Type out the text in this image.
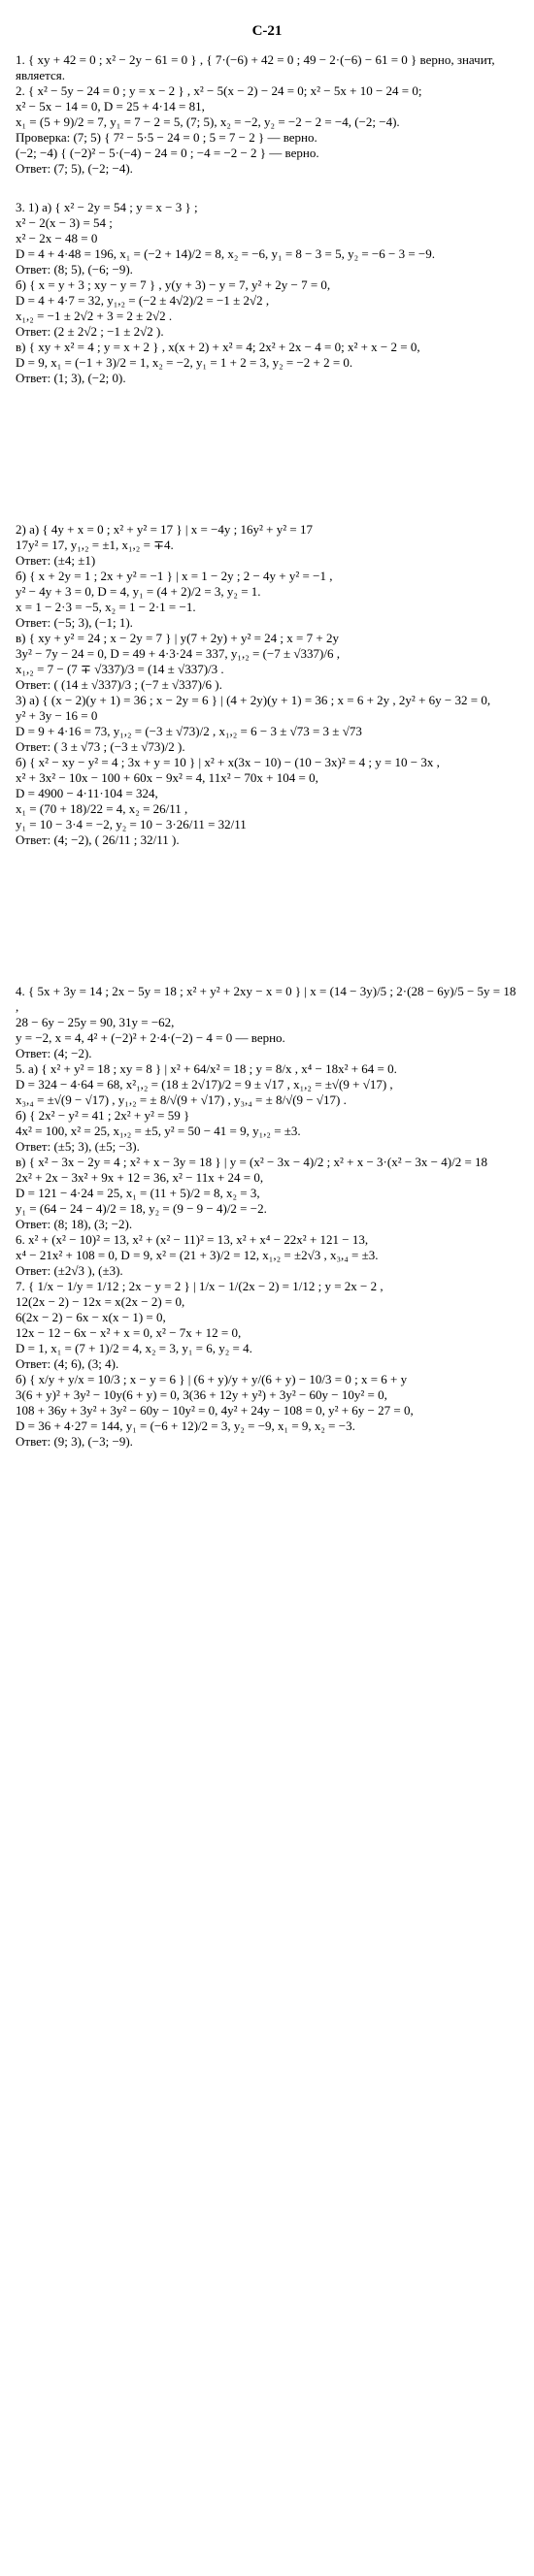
С-21
1. { xy + 42 = 0 ; x² − 2y − 61 = 0 } , { 7·(−6) + 42 = 0 ; 49 − 2·(−6) − 61 = 0 } верно, значит, является.
2. { x² − 5y − 24 = 0 ; y = x − 2 } , x² − 5(x − 2) − 24 = 0; x² − 5x + 10 − 24 = 0;
x² − 5x − 14 = 0, D = 25 + 4·14 = 81,
x₁ = (5 + 9)/2 = 7, y₁ = 7 − 2 = 5, (7; 5), x₂ = −2, y₂ = −2 − 2 = −4, (−2; −4).
Проверка: (7; 5) { 7² − 5·5 − 24 = 0 ; 5 = 7 − 2 } — верно.
(−2; −4) { (−2)² − 5·(−4) − 24 = 0 ; −4 = −2 − 2 } — верно.
Ответ: (7; 5), (−2; −4).
3. 1) а) { x² − 2y = 54 ; y = x − 3 } ;
x² − 2(x − 3) = 54 ;
x² − 2x − 48 = 0
D = 4 + 4·48 = 196, x₁ = (−2 + 14)/2 = 8, x₂ = −6, y₁ = 8 − 3 = 5, y₂ = −6 − 3 = −9.
Ответ: (8; 5), (−6; −9).
б) { x = y + 3 ; xy − y = 7 } , y(y + 3) − y = 7, y² + 2y − 7 = 0,
D = 4 + 4·7 = 32, y₁,₂ = (−2 ± 4√2)/2 = −1 ± 2√2 ,
x₁,₂ = −1 ± 2√2 + 3 = 2 ± 2√2 .
Ответ: (2 ± 2√2 ; −1 ± 2√2 ).
в) { xy + x² = 4 ; y = x + 2 } , x(x + 2) + x² = 4; 2x² + 2x − 4 = 0; x² + x − 2 = 0,
D = 9, x₁ = (−1 + 3)/2 = 1, x₂ = −2, y₁ = 1 + 2 = 3, y₂ = −2 + 2 = 0.
Ответ: (1; 3), (−2; 0).
2) а) { 4y + x = 0 ; x² + y² = 17 } | x = −4y ; 16y² + y² = 17
17y² = 17, y₁,₂ = ±1, x₁,₂ = ∓4.
Ответ: (±4; ±1)
б) { x + 2y = 1 ; 2x + y² = −1 } | x = 1 − 2y ; 2 − 4y + y² = −1 ,
y² − 4y + 3 = 0, D = 4, y₁ = (4 + 2)/2 = 3, y₂ = 1.
x = 1 − 2·3 = −5, x₂ = 1 − 2·1 = −1.
Ответ: (−5; 3), (−1; 1).
в) { xy + y² = 24 ; x − 2y = 7 } | y(7 + 2y) + y² = 24 ; x = 7 + 2y
3y² − 7y − 24 = 0, D = 49 + 4·3·24 = 337, y₁,₂ = (−7 ± √337)/6 ,
x₁,₂ = 7 − (7 ∓ √337)/3 = (14 ± √337)/3 .
Ответ: ( (14 ± √337)/3 ; (−7 ± √337)/6 ).
3) а) { (x − 2)(y + 1) = 36 ; x − 2y = 6 } | (4 + 2y)(y + 1) = 36 ; x = 6 + 2y , 2y² + 6y − 32 = 0,
y² + 3y − 16 = 0
D = 9 + 4·16 = 73, y₁,₂ = (−3 ± √73)/2 , x₁,₂ = 6 − 3 ± √73 = 3 ± √73
Ответ: ( 3 ± √73 ; (−3 ± √73)/2 ).
б) { x² − xy − y² = 4 ; 3x + y = 10 } | x² + x(3x − 10) − (10 − 3x)² = 4 ; y = 10 − 3x ,
x² + 3x² − 10x − 100 + 60x − 9x² = 4, 11x² − 70x + 104 = 0,
D = 4900 − 4·11·104 = 324,
x₁ = (70 + 18)/22 = 4, x₂ = 26/11 ,
y₁ = 10 − 3·4 = −2, y₂ = 10 − 3·26/11 = 32/11
Ответ: (4; −2), ( 26/11 ; 32/11 ).
4. { 5x + 3y = 14 ; 2x − 5y = 18 ; x² + y² + 2xy − x = 0 } | x = (14 − 3y)/5 ; 2·(28 − 6y)/5 − 5y = 18 ,
28 − 6y − 25y = 90, 31y = −62,
y = −2, x = 4, 4² + (−2)² + 2·4·(−2) − 4 = 0 — верно.
Ответ: (4; −2).
5. а) { x² + y² = 18 ; xy = 8 } | x² + 64/x² = 18 ; y = 8/x , x⁴ − 18x² + 64 = 0.
D = 324 − 4·64 = 68, x²₁,₂ = (18 ± 2√17)/2 = 9 ± √17 , x₁,₂ = ±√(9 + √17) ,
x₃,₄ = ±√(9 − √17) , y₁,₂ = ± 8/√(9 + √17) , y₃,₄ = ± 8/√(9 − √17) .
б) { 2x² − y² = 41 ; 2x² + y² = 59 }
4x² = 100, x² = 25, x₁,₂ = ±5, y² = 50 − 41 = 9, y₁,₂ = ±3.
Ответ: (±5; 3), (±5; −3).
в) { x² − 3x − 2y = 4 ; x² + x − 3y = 18 } | y = (x² − 3x − 4)/2 ; x² + x − 3·(x² − 3x − 4)/2 = 18
2x² + 2x − 3x² + 9x + 12 = 36, x² − 11x + 24 = 0,
D = 121 − 4·24 = 25, x₁ = (11 + 5)/2 = 8, x₂ = 3,
y₁ = (64 − 24 − 4)/2 = 18, y₂ = (9 − 9 − 4)/2 = −2.
Ответ: (8; 18), (3; −2).
6. x² + (x² − 10)² = 13, x² + (x² − 11)² = 13, x² + x⁴ − 22x² + 121 − 13,
x⁴ − 21x² + 108 = 0, D = 9, x² = (21 + 3)/2 = 12, x₁,₂ = ±2√3 , x₃,₄ = ±3.
Ответ: (±2√3 ), (±3).
7. { 1/x − 1/y = 1/12 ; 2x − y = 2 } | 1/x − 1/(2x − 2) = 1/12 ; y = 2x − 2 ,
12(2x − 2) − 12x = x(2x − 2) = 0,
6(2x − 2) − 6x − x(x − 1) = 0,
12x − 12 − 6x − x² + x = 0, x² − 7x + 12 = 0,
D = 1, x₁ = (7 + 1)/2 = 4, x₂ = 3, y₁ = 6, y₂ = 4.
Ответ: (4; 6), (3; 4).
б) { x/y + y/x = 10/3 ; x − y = 6 } | (6 + y)/y + y/(6 + y) − 10/3 = 0 ; x = 6 + y
3(6 + y)² + 3y² − 10y(6 + y) = 0, 3(36 + 12y + y²) + 3y² − 60y − 10y² = 0,
108 + 36y + 3y² + 3y² − 60y − 10y² = 0, 4y² + 24y − 108 = 0, y² + 6y − 27 = 0,
D = 36 + 4·27 = 144, y₁ = (−6 + 12)/2 = 3, y₂ = −9, x₁ = 9, x₂ = −3.
Ответ: (9; 3), (−3; −9).
